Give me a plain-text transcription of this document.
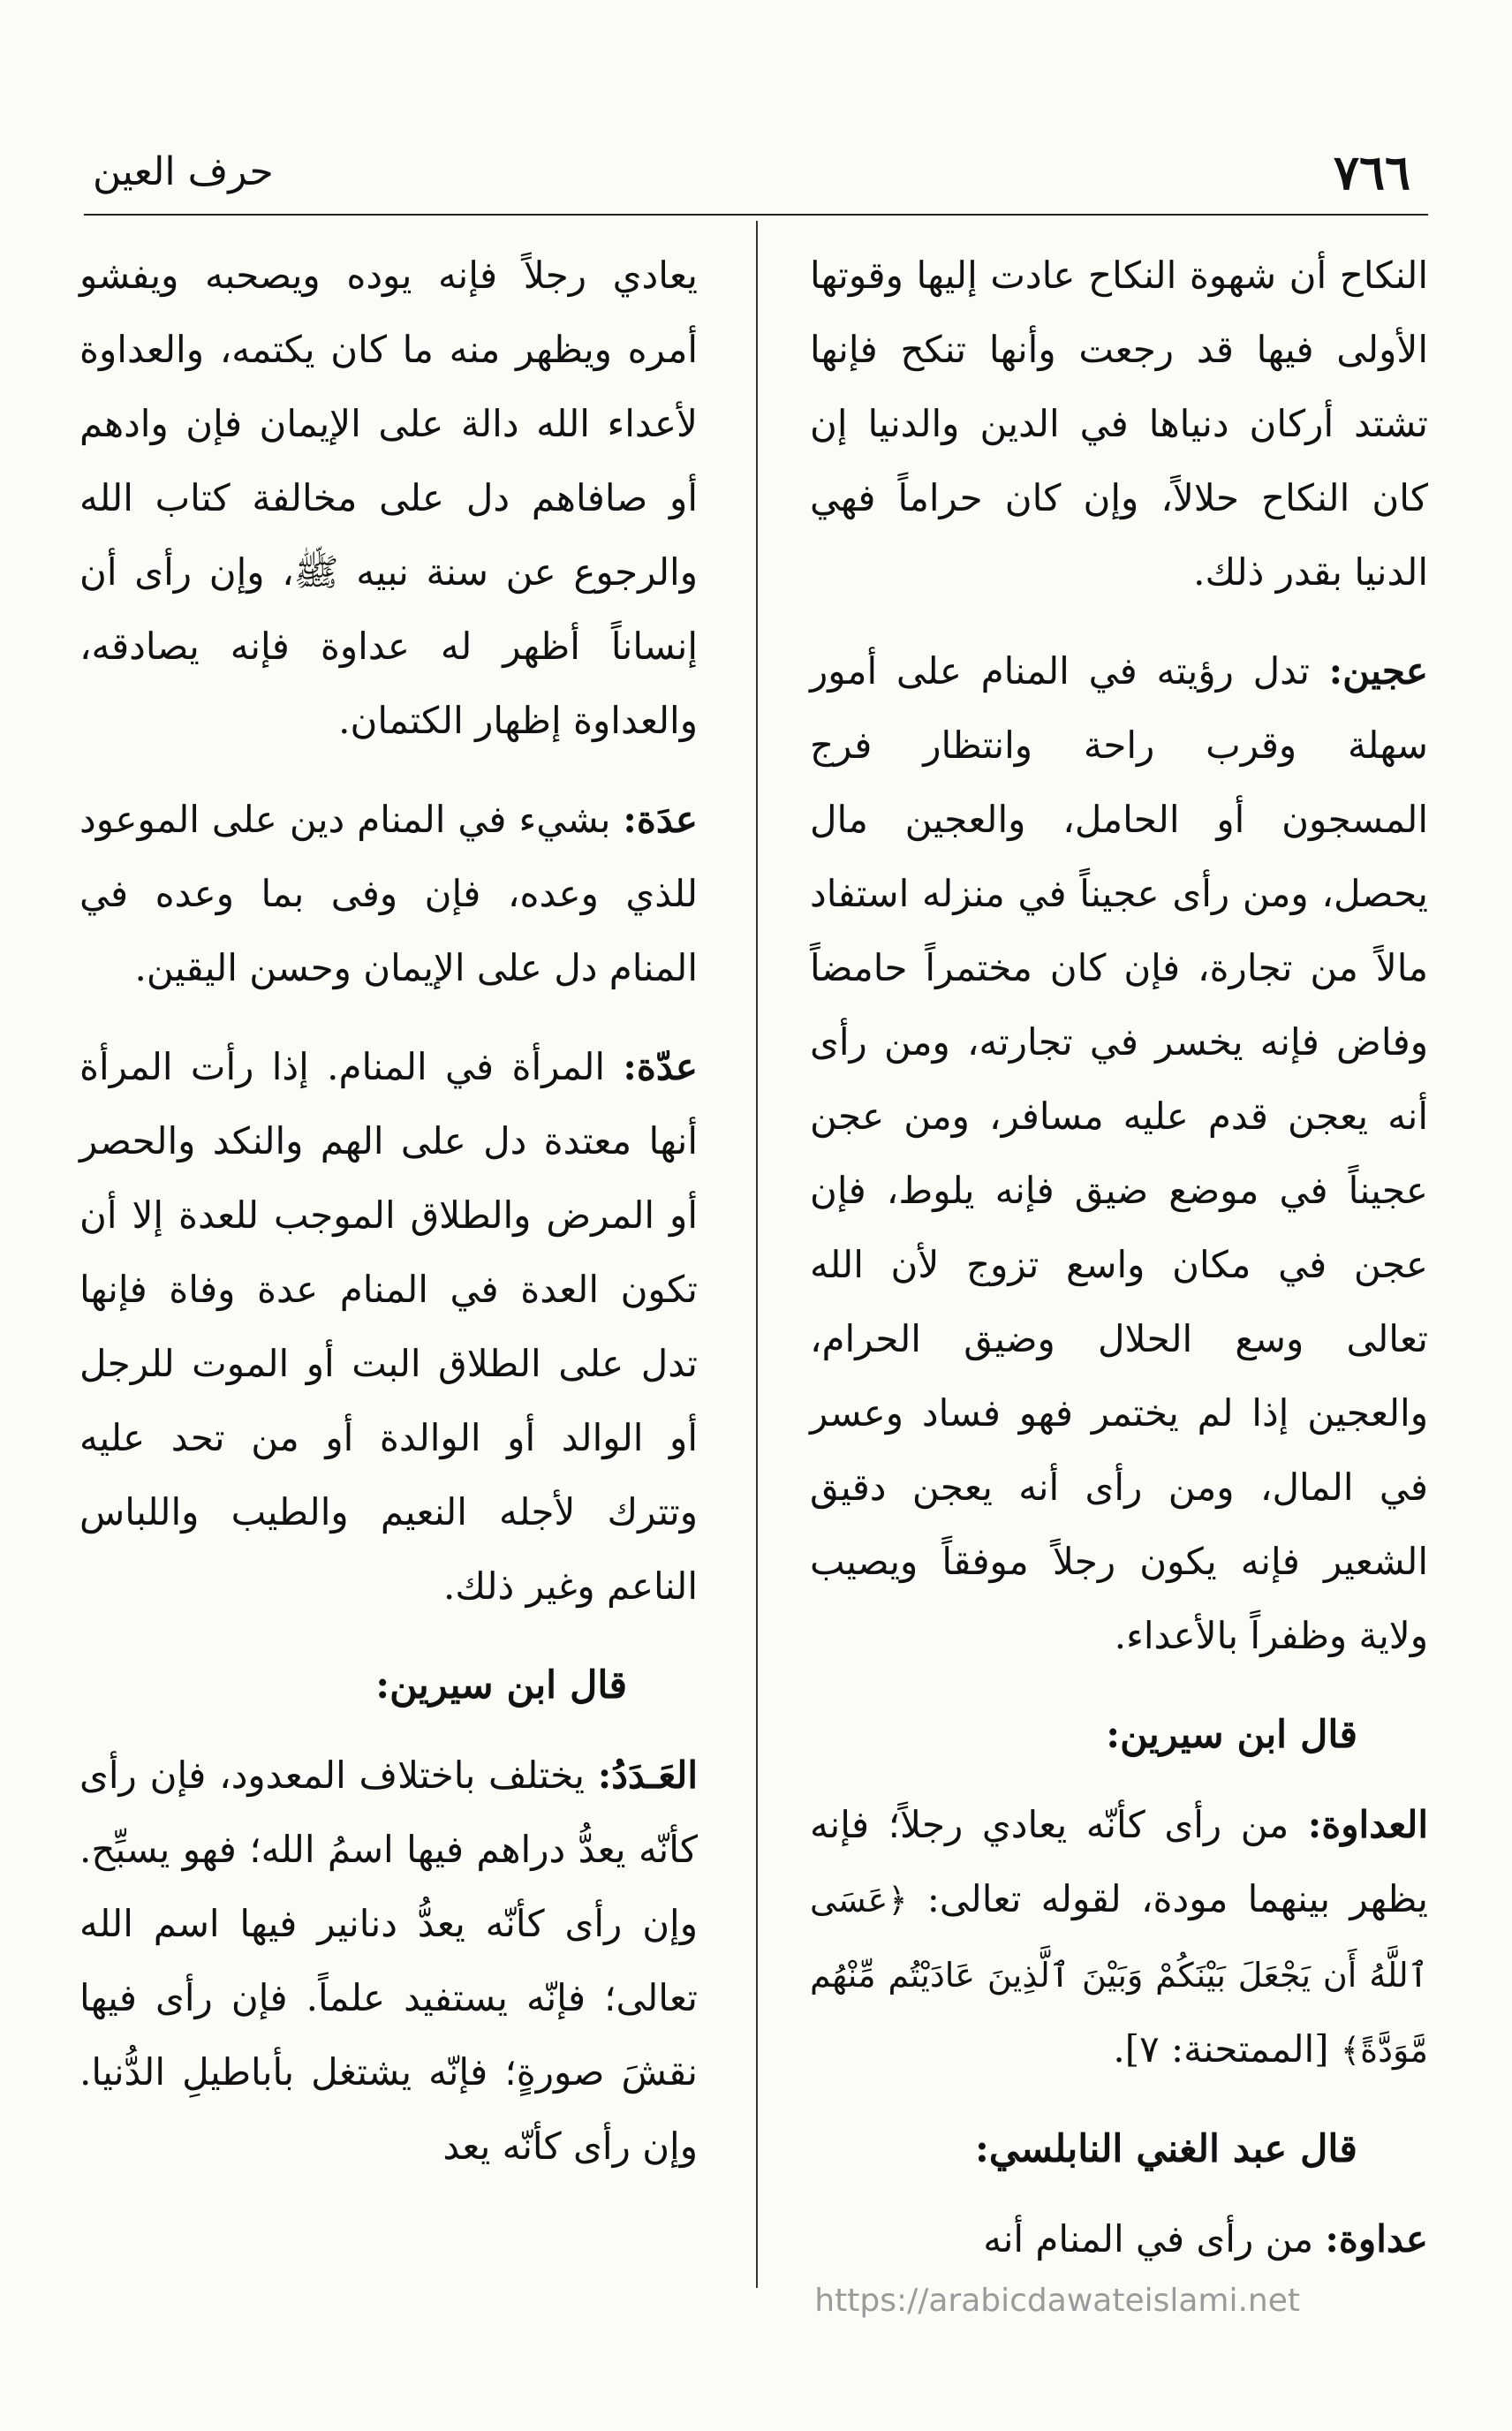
٧٦٦
حرف العين

النكاح أن شهوة النكاح عادت إليها وقوتها الأولى فيها قد رجعت وأنها تنكح فإنها تشتد أركان دنياها في الدين والدنيا إن كان النكاح حلالاً، وإن كان حراماً فهي الدنيا بقدر ذلك.

عجين: تدل رؤيته في المنام على أمور سهلة وقرب راحة وانتظار فرج المسجون أو الحامل، والعجين مال يحصل، ومن رأى عجيناً في منزله استفاد مالاً من تجارة، فإن كان مختمراً حامضاً وفاض فإنه يخسر في تجارته، ومن رأى أنه يعجن قدم عليه مسافر، ومن عجن عجيناً في موضع ضيق فإنه يلوط، فإن عجن في مكان واسع تزوج لأن الله تعالى وسع الحلال وضيق الحرام، والعجين إذا لم يختمر فهو فساد وعسر في المال، ومن رأى أنه يعجن دقيق الشعير فإنه يكون رجلاً موفقاً ويصيب ولاية وظفراً بالأعداء.

قال ابن سيرين:

العداوة: من رأى كأنّه يعادي رجلاً؛ فإنه يظهر بينهما مودة، لقوله تعالى: ﴿عَسَى ٱللَّهُ أَن يَجْعَلَ بَيْنَكُمْ وَبَيْنَ ٱلَّذِينَ عَادَيْتُم مِّنْهُم مَّوَدَّةً﴾ [الممتحنة: ٧].

قال عبد الغني النابلسي:

عداوة: من رأى في المنام أنه

يعادي رجلاً فإنه يوده ويصحبه ويفشو أمره ويظهر منه ما كان يكتمه، والعداوة لأعداء الله دالة على الإيمان فإن وادهم أو صافاهم دل على مخالفة كتاب الله والرجوع عن سنة نبيه ﷺ، وإن رأى أن إنساناً أظهر له عداوة فإنه يصادقه، والعداوة إظهار الكتمان.

عدَة: بشيء في المنام دين على الموعود للذي وعده، فإن وفى بما وعده في المنام دل على الإيمان وحسن اليقين.

عدّة: المرأة في المنام. إذا رأت المرأة أنها معتدة دل على الهم والنكد والحصر أو المرض والطلاق الموجب للعدة إلا أن تكون العدة في المنام عدة وفاة فإنها تدل على الطلاق البت أو الموت للرجل أو الوالد أو الوالدة أو من تحد عليه وتترك لأجله النعيم والطيب واللباس الناعم وغير ذلك.

قال ابن سيرين:

العَـدَدُ: يختلف باختلاف المعدود، فإن رأى كأنّه يعدُّ دراهم فيها اسمُ الله؛ فهو يسبِّح. وإن رأى كأنّه يعدُّ دنانير فيها اسم الله تعالى؛ فإنّه يستفيد علماً. فإن رأى فيها نقشَ صورةٍ؛ فإنّه يشتغل بأباطيلِ الدُّنيا. وإن رأى كأنّه يعد

https://arabicdawateislami.net
